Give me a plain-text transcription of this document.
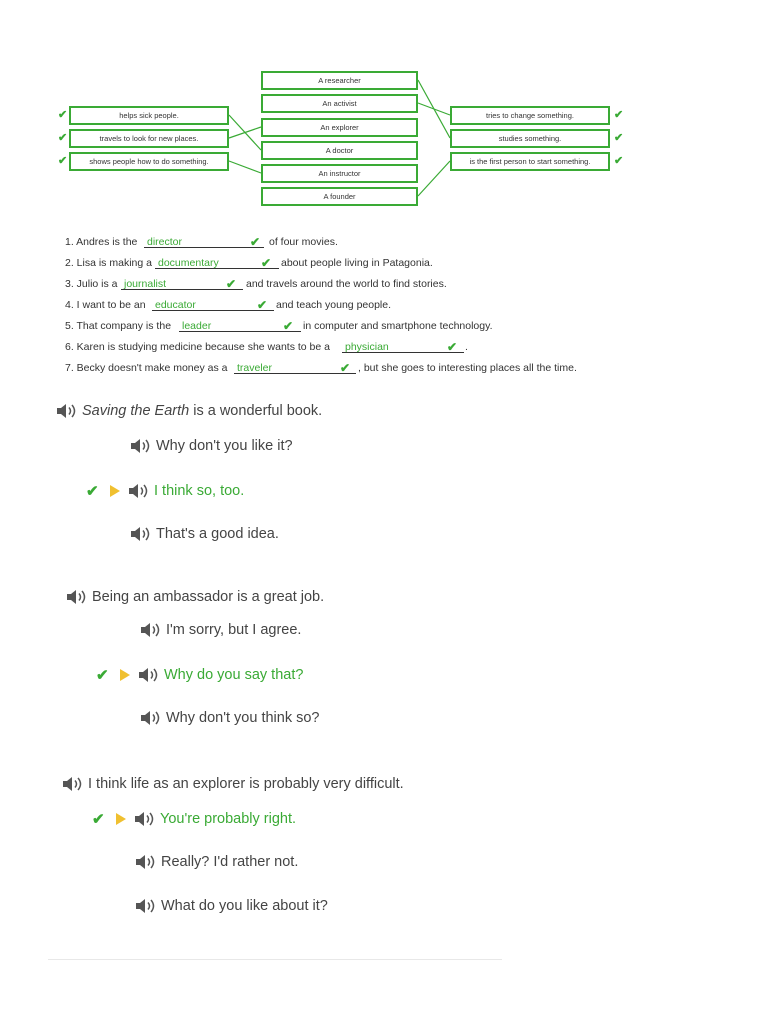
✔	helps sick people.
✔	travels to look for new places.
✔	shows people how to do something.
A researcher
An activist
An explorer
A doctor
An instructor
A founder
tries to change something.	✔
studies something.	✔
is the first person to start something. ✔
1. Andres is the director	✔ of four movies.
2. Lisa is making a documentary	✔ about people living in Patagonia.
3. Julio is a journalist	✔ and travels around the world to find stories.
4. I want to be an educator	✔ and teach young people.
5. That company is the leader	✔ in computer and smartphone technology.
6. Karen is studying medicine because she wants to be a physician	✔ .
7. Becky doesn't make money as a traveler	✔ , but she goes to interesting places all the time.
Saving the Earth is a wonderful book.
Why don't you like it?
✔	I think so, too.
That's a good idea.
Being an ambassador is a great job.
I'm sorry, but I agree.
✔	Why do you say that?
Why don't you think so?
I think life as an explorer is probably very difficult.
✔	You're probably right.
Really? I'd rather not.
What do you like about it?
